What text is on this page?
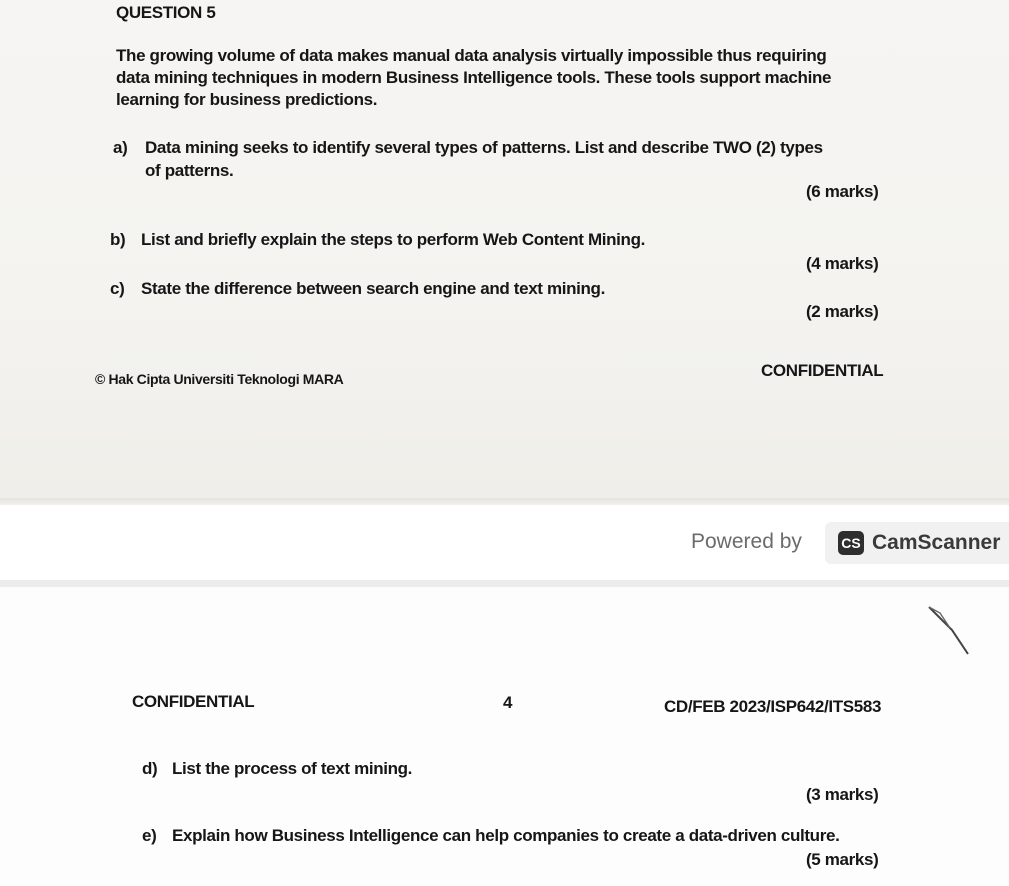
QUESTION 5
The growing volume of data makes manual data analysis virtually impossible thus requiring
data mining techniques in modern Business Intelligence tools. These tools support machine
learning for business predictions.
a) Data mining seeks to identify several types of patterns. List and describe TWO (2) types
of patterns.
(6 marks)
b) List and briefly explain the steps to perform Web Content Mining.
(4 marks)
c) State the difference between search engine and text mining.
(2 marks)
© Hak Cipta Universiti Teknologi MARA	CONFIDENTIAL
Powered by	CS CamScanner
CONFIDENTIAL	4	CD/FEB 2023/ISP642/ITS583
d) List the process of text mining.
(3 marks)
e) Explain how Business Intelligence can help companies to create a data-driven culture.
(5 marks)
